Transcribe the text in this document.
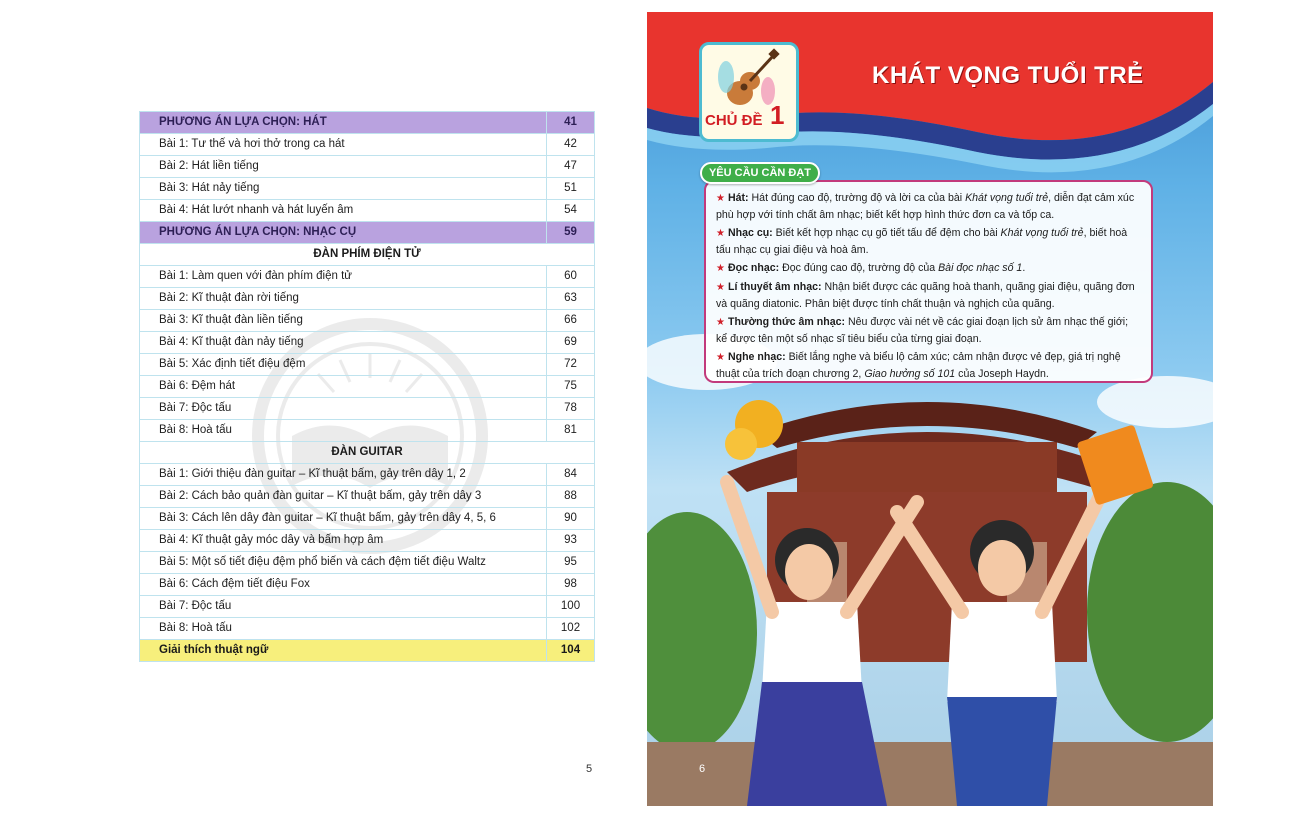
PHƯƠNG ÁN LỰA CHỌN: HÁT	41
Bài 1: Tư thế và hơi thở trong ca hát	42
Bài 2: Hát liền tiếng	47
Bài 3: Hát nảy tiếng	51
Bài 4: Hát lướt nhanh và hát luyến âm	54
PHƯƠNG ÁN LỰA CHỌN: NHẠC CỤ	59
ĐÀN PHÍM ĐIỆN TỬ	
Bài 1: Làm quen với đàn phím điện tử	60
Bài 2: Kĩ thuật đàn rời tiếng	63
Bài 3: Kĩ thuật đàn liền tiếng	66
Bài 4: Kĩ thuật đàn nảy tiếng	69
Bài 5: Xác định tiết điệu đệm	72
Bài 6: Đệm hát	75
Bài 7: Độc tấu	78
Bài 8: Hoà tấu	81
ĐÀN GUITAR	
Bài 1: Giới thiệu đàn guitar – Kĩ thuật bấm, gảy trên dây 1, 2	84
Bài 2: Cách bảo quản đàn guitar – Kĩ thuật bấm, gảy trên dây 3	88
Bài 3: Cách lên dây đàn guitar – Kĩ thuật bấm, gảy trên dây 4, 5, 6	90
Bài 4: Kĩ thuật gảy móc dây và bấm hợp âm	93
Bài 5: Một số tiết điệu đệm phổ biến và cách đệm tiết điệu Waltz	95
Bài 6: Cách đệm tiết điệu Fox	98
Bài 7: Độc tấu	100
Bài 8: Hoà tấu	102
Giải thích thuật ngữ	104
5
CHỦ ĐỀ 1
KHÁT VỌNG TUỔI TRẺ
★ Hát: Hát đúng cao độ, trường độ và lời ca của bài Khát vọng tuổi trẻ, diễn đạt cảm xúc phù hợp với tính chất âm nhạc; biết kết hợp hình thức đơn ca và tốp ca.
★ Nhạc cụ: Biết kết hợp nhạc cụ gõ tiết tấu để đệm cho bài Khát vọng tuổi trẻ, biết hoà tấu nhạc cụ giai điệu và hoà âm.
★ Đọc nhạc: Đọc đúng cao độ, trường độ của Bài đọc nhạc số 1.
★ Lí thuyết âm nhạc: Nhận biết được các quãng hoà thanh, quãng giai điệu, quãng đơn và quãng diatonic. Phân biệt được tính chất thuận và nghịch của quãng.
★ Thường thức âm nhạc: Nêu được vài nét về các giai đoạn lịch sử âm nhạc thế giới; kể được tên một số nhạc sĩ tiêu biểu của từng giai đoạn.
★ Nghe nhạc: Biết lắng nghe và biểu lộ cảm xúc; cảm nhận được vẻ đẹp, giá trị nghệ thuật của trích đoạn chương 2, Giao hưởng số 101 của Joseph Haydn.
YÊU CẦU CẦN ĐẠT
6
